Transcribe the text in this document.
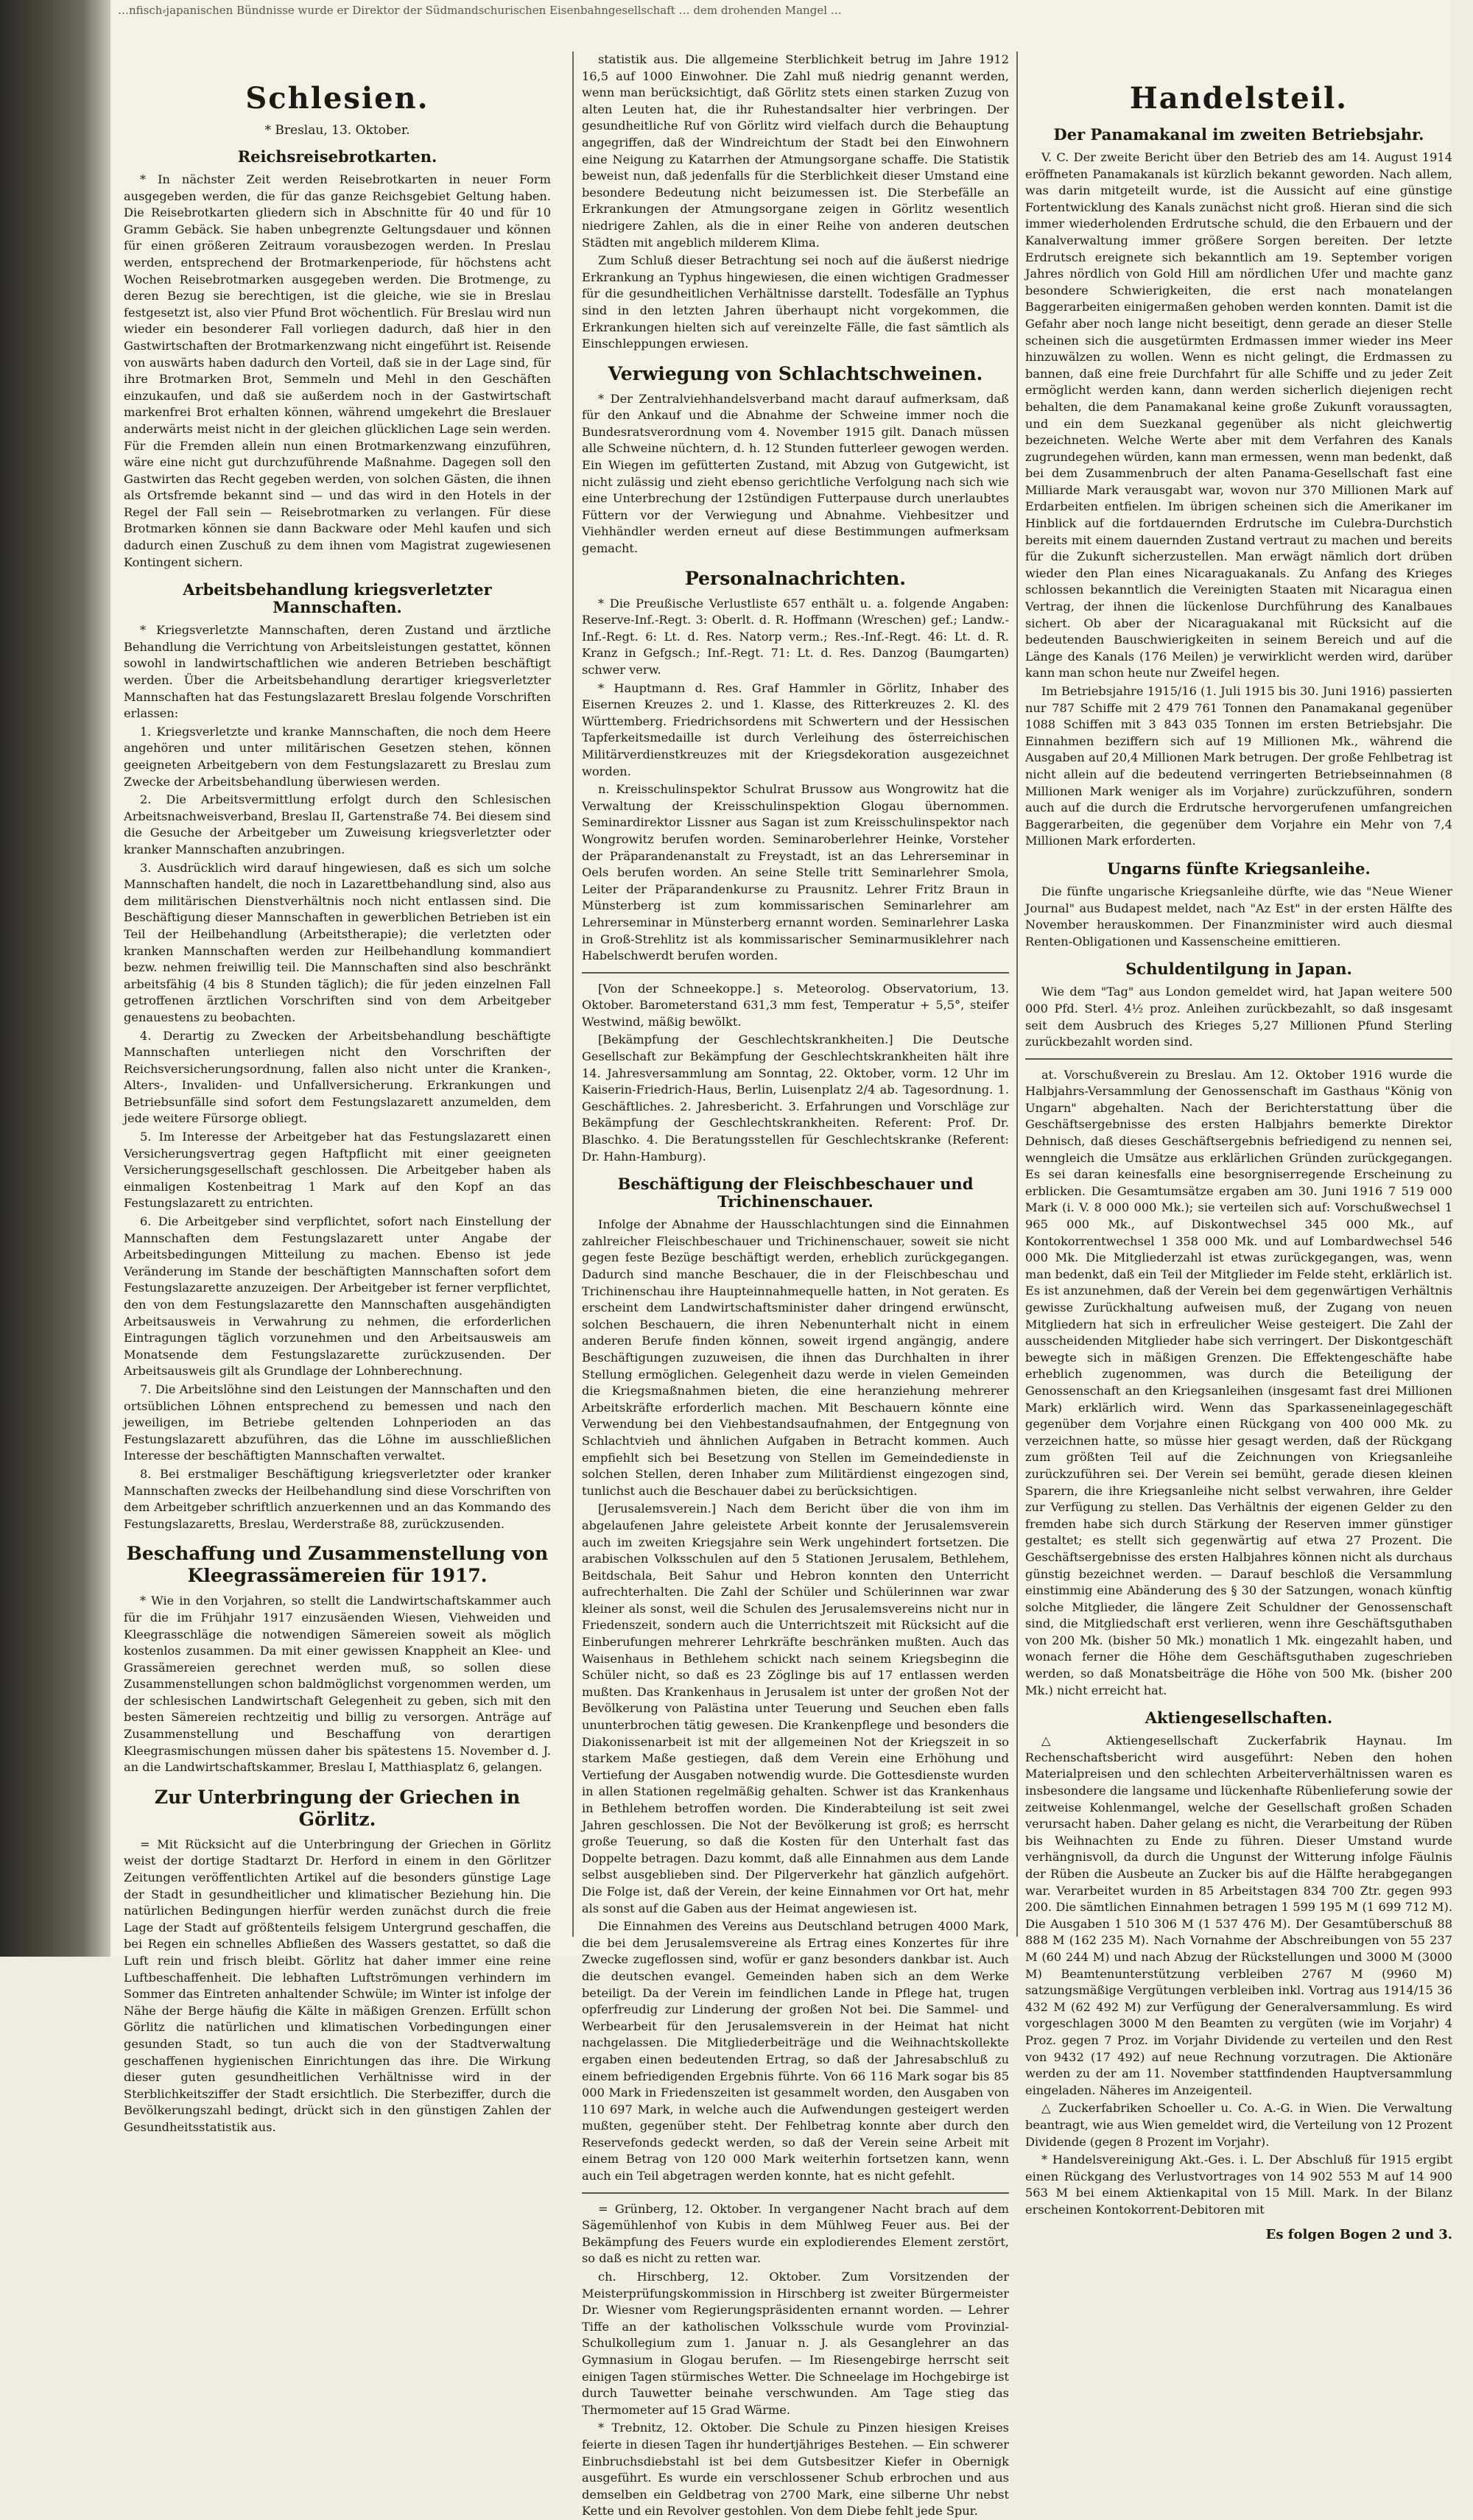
…nfisch⸗japanischen Bündnisse wurde er Direktor der Südmandschurischen Eisenbahngesellschaft … dem drohenden Mangel …
Schlesien.
* Breslau, 13. Oktober.
Reichsreisebrotkarten.

* In nächster Zeit werden Reisebrotkarten in neuer Form ausgegeben werden, die für das ganze Reichsgebiet Geltung haben. Die Reisebrotkarten gliedern sich in Abschnitte für 40 und für 10 Gramm Gebäck. Sie haben unbegrenzte Geltungsdauer und können für einen größeren Zeitraum vorausbezogen werden. In Preslau werden, entsprechend der Brotmarkenperiode, für höchstens acht Wochen Reisebrotmarken ausgegeben werden. Die Brotmenge, zu deren Bezug sie berechtigen, ist die gleiche, wie sie in Breslau festgesetzt ist, also vier Pfund Brot wöchentlich. Für Breslau wird nun wieder ein besonderer Fall vorliegen dadurch, daß hier in den Gastwirtschaften der Brotmarkenzwang nicht eingeführt ist. Reisende von auswärts haben dadurch den Vorteil, daß sie in der Lage sind, für ihre Brotmarken Brot, Semmeln und Mehl in den Geschäften einzukaufen, und daß sie außerdem noch in der Gastwirtschaft markenfrei Brot erhalten können, während umgekehrt die Breslauer anderwärts meist nicht in der gleichen glücklichen Lage sein werden. Für die Fremden allein nun einen Brotmarkenzwang einzuführen, wäre eine nicht gut durchzuführende Maßnahme. Dagegen soll den Gastwirten das Recht gegeben werden, von solchen Gästen, die ihnen als Ortsfremde bekannt sind — und das wird in den Hotels in der Regel der Fall sein — Reisebrotmarken zu verlangen. Für diese Brotmarken können sie dann Backware oder Mehl kaufen und sich dadurch einen Zuschuß zu dem ihnen vom Magistrat zugewiesenen Kontingent sichern.

Arbeitsbehandlung kriegsverletzter Mannschaften.

* Kriegsverletzte Mannschaften, deren Zustand und ärztliche Behandlung die Verrichtung von Arbeitsleistungen gestattet, können sowohl in landwirtschaftlichen wie anderen Betrieben beschäftigt werden. Über die Arbeitsbehandlung derartiger kriegsverletzter Mannschaften hat das Festungslazarett Breslau folgende Vorschriften erlassen:

1. Kriegsverletzte und kranke Mannschaften, die noch dem Heere angehören und unter militärischen Gesetzen stehen, können geeigneten Arbeitgebern von dem Festungslazarett zu Breslau zum Zwecke der Arbeitsbehandlung überwiesen werden.

2. Die Arbeitsvermittlung erfolgt durch den Schlesischen Arbeitsnachweisverband, Breslau II, Gartenstraße 74. Bei diesem sind die Gesuche der Arbeitgeber um Zuweisung kriegsverletzter oder kranker Mannschaften anzubringen.

3. Ausdrücklich wird darauf hingewiesen, daß es sich um solche Mannschaften handelt, die noch in Lazarettbehandlung sind, also aus dem militärischen Dienstverhältnis noch nicht entlassen sind. Die Beschäftigung dieser Mannschaften in gewerblichen Betrieben ist ein Teil der Heilbehandlung (Arbeitstherapie); die verletzten oder kranken Mannschaften werden zur Heilbehandlung kommandiert bezw. nehmen freiwillig teil. Die Mannschaften sind also beschränkt arbeitsfähig (4 bis 8 Stunden täglich); die für jeden einzelnen Fall getroffenen ärztlichen Vorschriften sind von dem Arbeitgeber genauestens zu beobachten.

4. Derartig zu Zwecken der Arbeitsbehandlung beschäftigte Mannschaften unterliegen nicht den Vorschriften der Reichsversicherungsordnung, fallen also nicht unter die Kranken-, Alters-, Invaliden- und Unfallversicherung. Erkrankungen und Betriebsunfälle sind sofort dem Festungslazarett anzumelden, dem jede weitere Fürsorge obliegt.

5. Im Interesse der Arbeitgeber hat das Festungslazarett einen Versicherungsvertrag gegen Haftpflicht mit einer geeigneten Versicherungsgesellschaft geschlossen. Die Arbeitgeber haben als einmaligen Kostenbeitrag 1 Mark auf den Kopf an das Festungslazarett zu entrichten.

6. Die Arbeitgeber sind verpflichtet, sofort nach Einstellung der Mannschaften dem Festungslazarett unter Angabe der Arbeitsbedingungen Mitteilung zu machen. Ebenso ist jede Veränderung im Stande der beschäftigten Mannschaften sofort dem Festungslazarette anzuzeigen. Der Arbeitgeber ist ferner verpflichtet, den von dem Festungslazarette den Mannschaften ausgehändigten Arbeitsausweis in Verwahrung zu nehmen, die erforderlichen Eintragungen täglich vorzunehmen und den Arbeitsausweis am Monatsende dem Festungslazarette zurückzusenden. Der Arbeitsausweis gilt als Grundlage der Lohnberechnung.

7. Die Arbeitslöhne sind den Leistungen der Mannschaften und den ortsüblichen Löhnen entsprechend zu bemessen und nach den jeweiligen, im Betriebe geltenden Lohnperioden an das Festungslazarett abzuführen, das die Löhne im ausschließlichen Interesse der beschäftigten Mannschaften verwaltet.

8. Bei erstmaliger Beschäftigung kriegsverletzter oder kranker Mannschaften zwecks der Heilbehandlung sind diese Vorschriften von dem Arbeitgeber schriftlich anzuerkennen und an das Kommando des Festungslazaretts, Breslau, Werderstraße 88, zurückzusenden.

Beschaffung und Zusammenstellung von Kleegrassämereien für 1917.

* Wie in den Vorjahren, so stellt die Landwirtschaftskammer auch für die im Frühjahr 1917 einzusäenden Wiesen, Viehweiden und Kleegrasschläge die notwendigen Sämereien soweit als möglich kostenlos zusammen. Da mit einer gewissen Knappheit an Klee- und Grassämereien gerechnet werden muß, so sollen diese Zusammenstellungen schon baldmöglichst vorgenommen werden, um der schlesischen Landwirtschaft Gelegenheit zu geben, sich mit den besten Sämereien rechtzeitig und billig zu versorgen. Anträge auf Zusammenstellung und Beschaffung von derartigen Kleegrasmischungen müssen daher bis spätestens 15. November d. J. an die Landwirtschaftskammer, Breslau I, Matthiasplatz 6, gelangen.

Zur Unterbringung der Griechen in Görlitz.

= Mit Rücksicht auf die Unterbringung der Griechen in Görlitz weist der dortige Stadtarzt Dr. Herford in einem in den Görlitzer Zeitungen veröffentlichten Artikel auf die besonders günstige Lage der Stadt in gesundheitlicher und klimatischer Beziehung hin. Die natürlichen Bedingungen hierfür werden zunächst durch die freie Lage der Stadt auf größtenteils felsigem Untergrund geschaffen, die bei Regen ein schnelles Abfließen des Wassers gestattet, so daß die Luft rein und frisch bleibt. Görlitz hat daher immer eine reine Luftbeschaffenheit. Die lebhaften Luftströmungen verhindern im Sommer das Eintreten anhaltender Schwüle; im Winter ist infolge der Nähe der Berge häufig die Kälte in mäßigen Grenzen. Erfüllt schon Görlitz die natürlichen und klimatischen Vorbedingungen einer gesunden Stadt, so tun auch die von der Stadtverwaltung geschaffenen hygienischen Einrichtungen das ihre. Die Wirkung dieser guten gesundheitlichen Verhältnisse wird in der Sterblichkeitsziffer der Stadt ersichtlich. Die Sterbeziffer, durch die Bevölkerungszahl bedingt, drückt sich in den günstigen Zahlen der Gesundheitsstatistik aus.

statistik aus. Die allgemeine Sterblichkeit betrug im Jahre 1912 16,5 auf 1000 Einwohner. Die Zahl muß niedrig genannt werden, wenn man berücksichtigt, daß Görlitz stets einen starken Zuzug von alten Leuten hat, die ihr Ruhestandsalter hier verbringen. Der gesundheitliche Ruf von Görlitz wird vielfach durch die Behauptung angegriffen, daß der Windreichtum der Stadt bei den Einwohnern eine Neigung zu Katarrhen der Atmungsorgane schaffe. Die Statistik beweist nun, daß jedenfalls für die Sterblichkeit dieser Umstand eine besondere Bedeutung nicht beizumessen ist. Die Sterbefälle an Erkrankungen der Atmungsorgane zeigen in Görlitz wesentlich niedrigere Zahlen, als die in einer Reihe von anderen deutschen Städten mit angeblich milderem Klima.

Zum Schluß dieser Betrachtung sei noch auf die äußerst niedrige Erkrankung an Typhus hingewiesen, die einen wichtigen Gradmesser für die gesundheitlichen Verhältnisse darstellt. Todesfälle an Typhus sind in den letzten Jahren überhaupt nicht vorgekommen, die Erkrankungen hielten sich auf vereinzelte Fälle, die fast sämtlich als Einschleppungen erwiesen.

Verwiegung von Schlachtschweinen.

* Der Zentralviehhandelsverband macht darauf aufmerksam, daß für den Ankauf und die Abnahme der Schweine immer noch die Bundesratsverordnung vom 4. November 1915 gilt. Danach müssen alle Schweine nüchtern, d. h. 12 Stunden futterleer gewogen werden. Ein Wiegen im gefütterten Zustand, mit Abzug von Gutgewicht, ist nicht zulässig und zieht ebenso gerichtliche Verfolgung nach sich wie eine Unterbrechung der 12stündigen Futterpause durch unerlaubtes Füttern vor der Verwiegung und Abnahme. Viehbesitzer und Viehhändler werden erneut auf diese Bestimmungen aufmerksam gemacht.

Personalnachrichten.

* Die Preußische Verlustliste 657 enthält u. a. folgende Angaben: Reserve-Inf.-Regt. 3: Oberlt. d. R. Hoffmann (Wreschen) gef.; Landw.-Inf.-Regt. 6: Lt. d. Res. Natorp verm.; Res.-Inf.-Regt. 46: Lt. d. R. Kranz in Gefgsch.; Inf.-Regt. 71: Lt. d. Res. Danzog (Baumgarten) schwer verw.

* Hauptmann d. Res. Graf Hammler in Görlitz, Inhaber des Eisernen Kreuzes 2. und 1. Klasse, des Ritterkreuzes 2. Kl. des Württemberg. Friedrichsordens mit Schwertern und der Hessischen Tapferkeitsmedaille ist durch Verleihung des österreichischen Militärverdienstkreuzes mit der Kriegsdekoration ausgezeichnet worden.

n. Kreisschulinspektor Schulrat Brussow aus Wongrowitz hat die Verwaltung der Kreisschulinspektion Glogau übernommen. Seminardirektor Lissner aus Sagan ist zum Kreisschulinspektor nach Wongrowitz berufen worden. Seminaroberlehrer Heinke, Vorsteher der Präparandenanstalt zu Freystadt, ist an das Lehrerseminar in Oels berufen worden. An seine Stelle tritt Seminarlehrer Smola, Leiter der Präparandenkurse zu Prausnitz. Lehrer Fritz Braun in Münsterberg ist zum kommissarischen Seminarlehrer am Lehrerseminar in Münsterberg ernannt worden. Seminarlehrer Laska in Groß-Strehlitz ist als kommissarischer Seminarmusiklehrer nach Habelschwerdt berufen worden.

[Von der Schneekoppe.] s. Meteorolog. Observatorium, 13. Oktober. Barometerstand 631,3 mm fest, Temperatur + 5,5°, steifer Westwind, mäßig bewölkt.

[Bekämpfung der Geschlechtskrankheiten.] Die Deutsche Gesellschaft zur Bekämpfung der Geschlechtskrankheiten hält ihre 14. Jahresversammlung am Sonntag, 22. Oktober, vorm. 12 Uhr im Kaiserin-Friedrich-Haus, Berlin, Luisenplatz 2/4 ab. Tagesordnung. 1. Geschäftliches. 2. Jahresbericht. 3. Erfahrungen und Vorschläge zur Bekämpfung der Geschlechtskrankheiten. Referent: Prof. Dr. Blaschko. 4. Die Beratungsstellen für Geschlechtskranke (Referent: Dr. Hahn-Hamburg).

Beschäftigung der Fleischbeschauer und Trichinenschauer.

Infolge der Abnahme der Hausschlachtungen sind die Einnahmen zahlreicher Fleischbeschauer und Trichinenschauer, soweit sie nicht gegen feste Bezüge beschäftigt werden, erheblich zurückgegangen. Dadurch sind manche Beschauer, die in der Fleischbeschau und Trichinenschau ihre Haupteinnahmequelle hatten, in Not geraten. Es erscheint dem Landwirtschaftsminister daher dringend erwünscht, solchen Beschauern, die ihren Nebenunterhalt nicht in einem anderen Berufe finden können, soweit irgend angängig, andere Beschäftigungen zuzuweisen, die ihnen das Durchhalten in ihrer Stellung ermöglichen. Gelegenheit dazu werde in vielen Gemeinden die Kriegsmaßnahmen bieten, die eine heranziehung mehrerer Arbeitskräfte erforderlich machen. Mit Beschauern könnte eine Verwendung bei den Viehbestandsaufnahmen, der Entgegnung von Schlachtvieh und ähnlichen Aufgaben in Betracht kommen. Auch empfiehlt sich bei Besetzung von Stellen im Gemeindedienste in solchen Stellen, deren Inhaber zum Militärdienst eingezogen sind, tunlichst auch die Beschauer dabei zu berücksichtigen.

[Jerusalemsverein.] Nach dem Bericht über die von ihm im abgelaufenen Jahre geleistete Arbeit konnte der Jerusalemsverein auch im zweiten Kriegsjahre sein Werk ungehindert fortsetzen. Die arabischen Volksschulen auf den 5 Stationen Jerusalem, Bethlehem, Beitdschala, Beit Sahur und Hebron konnten den Unterricht aufrechterhalten. Die Zahl der Schüler und Schülerinnen war zwar kleiner als sonst, weil die Schulen des Jerusalemsvereins nicht nur in Friedenszeit, sondern auch die Unterrichtszeit mit Rücksicht auf die Einberufungen mehrerer Lehrkräfte beschränken mußten. Auch das Waisenhaus in Bethlehem schickt nach seinem Kriegsbeginn die Schüler nicht, so daß es 23 Zöglinge bis auf 17 entlassen werden mußten. Das Krankenhaus in Jerusalem ist unter der großen Not der Bevölkerung von Palästina unter Teuerung und Seuchen eben falls ununterbrochen tätig gewesen. Die Krankenpflege und besonders die Diakonissenarbeit ist mit der allgemeinen Not der Kriegszeit in so starkem Maße gestiegen, daß dem Verein eine Erhöhung und Vertiefung der Ausgaben notwendig wurde. Die Gottesdienste wurden in allen Stationen regelmäßig gehalten. Schwer ist das Krankenhaus in Bethlehem betroffen worden. Die Kinderabteilung ist seit zwei Jahren geschlossen. Die Not der Bevölkerung ist groß; es herrscht große Teuerung, so daß die Kosten für den Unterhalt fast das Doppelte betragen. Dazu kommt, daß alle Einnahmen aus dem Lande selbst ausgeblieben sind. Der Pilgerverkehr hat gänzlich aufgehört. Die Folge ist, daß der Verein, der keine Einnahmen vor Ort hat, mehr als sonst auf die Gaben aus der Heimat angewiesen ist.

Die Einnahmen des Vereins aus Deutschland betrugen 4000 Mark, die bei dem Jerusalemsvereine als Ertrag eines Konzertes für ihre Zwecke zugeflossen sind, wofür er ganz besonders dankbar ist. Auch die deutschen evangel. Gemeinden haben sich an dem Werke beteiligt. Da der Verein im feindlichen Lande in Pflege hat, trugen opferfreudig zur Linderung der großen Not bei. Die Sammel- und Werbearbeit für den Jerusalemsverein in der Heimat hat nicht nachgelassen. Die Mitgliederbeiträge und die Weihnachtskollekte ergaben einen bedeutenden Ertrag, so daß der Jahresabschluß zu einem befriedigenden Ergebnis führte. Von 66 116 Mark sogar bis 85 000 Mark in Friedenszeiten ist gesammelt worden, den Ausgaben von 110 697 Mark, in welche auch die Aufwendungen gesteigert werden mußten, gegenüber steht. Der Fehlbetrag konnte aber durch den Reservefonds gedeckt werden, so daß der Verein seine Arbeit mit einem Betrag von 120 000 Mark weiterhin fortsetzen kann, wenn auch ein Teil abgetragen werden konnte, hat es nicht gefehlt.

= Grünberg, 12. Oktober. In vergangener Nacht brach auf dem Sägemühlenhof von Kubis in dem Mühlweg Feuer aus. Bei der Bekämpfung des Feuers wurde ein explodierendes Element zerstört, so daß es nicht zu retten war.

ch. Hirschberg, 12. Oktober. Zum Vorsitzenden der Meisterprüfungskommission in Hirschberg ist zweiter Bürgermeister Dr. Wiesner vom Regierungspräsidenten ernannt worden. — Lehrer Tiffe an der katholischen Volksschule wurde vom Provinzial-Schulkollegium zum 1. Januar n. J. als Gesanglehrer an das Gymnasium in Glogau berufen. — Im Riesengebirge herrscht seit einigen Tagen stürmisches Wetter. Die Schneelage im Hochgebirge ist durch Tauwetter beinahe verschwunden. Am Tage stieg das Thermometer auf 15 Grad Wärme.

* Trebnitz, 12. Oktober. Die Schule zu Pinzen hiesigen Kreises feierte in diesen Tagen ihr hundertjähriges Bestehen. — Ein schwerer Einbruchsdiebstahl ist bei dem Gutsbesitzer Kiefer in Obernigk ausgeführt. Es wurde ein verschlossener Schub erbrochen und aus demselben ein Geldbetrag von 2700 Mark, eine silberne Uhr nebst Kette und ein Revolver gestohlen. Von dem Diebe fehlt jede Spur.

Handelsteil.
Der Panamakanal im zweiten Betriebsjahr.

V. C. Der zweite Bericht über den Betrieb des am 14. August 1914 eröffneten Panamakanals ist kürzlich bekannt geworden. Nach allem, was darin mitgeteilt wurde, ist die Aussicht auf eine günstige Fortentwicklung des Kanals zunächst nicht groß. Hieran sind die sich immer wiederholenden Erdrutsche schuld, die den Erbauern und der Kanalverwaltung immer größere Sorgen bereiten. Der letzte Erdrutsch ereignete sich bekanntlich am 19. September vorigen Jahres nördlich von Gold Hill am nördlichen Ufer und machte ganz besondere Schwierigkeiten, die erst nach monatelangen Baggerarbeiten einigermaßen gehoben werden konnten. Damit ist die Gefahr aber noch lange nicht beseitigt, denn gerade an dieser Stelle scheinen sich die ausgetürmten Erdmassen immer wieder ins Meer hinzuwälzen zu wollen. Wenn es nicht gelingt, die Erdmassen zu bannen, daß eine freie Durchfahrt für alle Schiffe und zu jeder Zeit ermöglicht werden kann, dann werden sicherlich diejenigen recht behalten, die dem Panamakanal keine große Zukunft voraussagten, und ein dem Suezkanal gegenüber als nicht gleichwertig bezeichneten. Welche Werte aber mit dem Verfahren des Kanals zugrundegehen würden, kann man ermessen, wenn man bedenkt, daß bei dem Zusammenbruch der alten Panama-Gesellschaft fast eine Milliarde Mark verausgabt war, wovon nur 370 Millionen Mark auf Erdarbeiten entfielen. Im übrigen scheinen sich die Amerikaner im Hinblick auf die fortdauernden Erdrutsche im Culebra-Durchstich bereits mit einem dauernden Zustand vertraut zu machen und bereits für die Zukunft sicherzustellen. Man erwägt nämlich dort drüben wieder den Plan eines Nicaraguakanals. Zu Anfang des Krieges schlossen bekanntlich die Vereinigten Staaten mit Nicaragua einen Vertrag, der ihnen die lückenlose Durchführung des Kanalbaues sichert. Ob aber der Nicaraguakanal mit Rücksicht auf die bedeutenden Bauschwierigkeiten in seinem Bereich und auf die Länge des Kanals (176 Meilen) je verwirklicht werden wird, darüber kann man schon heute nur Zweifel hegen.

Im Betriebsjahre 1915/16 (1. Juli 1915 bis 30. Juni 1916) passierten nur 787 Schiffe mit 2 479 761 Tonnen den Panamakanal gegenüber 1088 Schiffen mit 3 843 035 Tonnen im ersten Betriebsjahr. Die Einnahmen beziffern sich auf 19 Millionen Mk., während die Ausgaben auf 20,4 Millionen Mark betrugen. Der große Fehlbetrag ist nicht allein auf die bedeutend verringerten Betriebseinnahmen (8 Millionen Mark weniger als im Vorjahre) zurückzuführen, sondern auch auf die durch die Erdrutsche hervorgerufenen umfangreichen Baggerarbeiten, die gegenüber dem Vorjahre ein Mehr von 7,4 Millionen Mark erforderten.

Ungarns fünfte Kriegsanleihe.

Die fünfte ungarische Kriegsanleihe dürfte, wie das "Neue Wiener Journal" aus Budapest meldet, nach "Az Est" in der ersten Hälfte des November herauskommen. Der Finanzminister wird auch diesmal Renten-Obligationen und Kassenscheine emittieren.

Schuldentilgung in Japan.

Wie dem "Tag" aus London gemeldet wird, hat Japan weitere 500 000 Pfd. Sterl. 4½ proz. Anleihen zurückbezahlt, so daß insgesamt seit dem Ausbruch des Krieges 5,27 Millionen Pfund Sterling zurückbezahlt worden sind.

at. Vorschußverein zu Breslau. Am 12. Oktober 1916 wurde die Halbjahrs-Versammlung der Genossenschaft im Gasthaus "König von Ungarn" abgehalten. Nach der Berichterstattung über die Geschäftsergebnisse des ersten Halbjahrs bemerkte Direktor Dehnisch, daß dieses Geschäftsergebnis befriedigend zu nennen sei, wenngleich die Umsätze aus erklärlichen Gründen zurückgegangen. Es sei daran keinesfalls eine besorgniserregende Erscheinung zu erblicken. Die Gesamtumsätze ergaben am 30. Juni 1916 7 519 000 Mark (i. V. 8 000 000 Mk.); sie verteilen sich auf: Vorschußwechsel 1 965 000 Mk., auf Diskontwechsel 345 000 Mk., auf Kontokorrentwechsel 1 358 000 Mk. und auf Lombardwechsel 546 000 Mk. Die Mitgliederzahl ist etwas zurückgegangen, was, wenn man bedenkt, daß ein Teil der Mitglieder im Felde steht, erklärlich ist. Es ist anzunehmen, daß der Verein bei dem gegenwärtigen Verhältnis gewisse Zurückhaltung aufweisen muß, der Zugang von neuen Mitgliedern hat sich in erfreulicher Weise gesteigert. Die Zahl der ausscheidenden Mitglieder habe sich verringert. Der Diskontgeschäft bewegte sich in mäßigen Grenzen. Die Effektengeschäfte habe erheblich zugenommen, was durch die Beteiligung der Genossenschaft an den Kriegsanleihen (insgesamt fast drei Millionen Mark) erklärlich wird. Wenn das Sparkasseneinlagegeschäft gegenüber dem Vorjahre einen Rückgang von 400 000 Mk. zu verzeichnen hatte, so müsse hier gesagt werden, daß der Rückgang zum größten Teil auf die Zeichnungen von Kriegsanleihe zurückzuführen sei. Der Verein sei bemüht, gerade diesen kleinen Sparern, die ihre Kriegsanleihe nicht selbst verwahren, ihre Gelder zur Verfügung zu stellen. Das Verhältnis der eigenen Gelder zu den fremden habe sich durch Stärkung der Reserven immer günstiger gestaltet; es stellt sich gegenwärtig auf etwa 27 Prozent. Die Geschäftsergebnisse des ersten Halbjahres können nicht als durchaus günstig bezeichnet werden. — Darauf beschloß die Versammlung einstimmig eine Abänderung des § 30 der Satzungen, wonach künftig solche Mitglieder, die längere Zeit Schuldner der Genossenschaft sind, die Mitgliedschaft erst verlieren, wenn ihre Geschäftsguthaben von 200 Mk. (bisher 50 Mk.) monatlich 1 Mk. eingezahlt haben, und wonach ferner die Höhe dem Geschäftsguthaben zugeschrieben werden, so daß Monatsbeiträge die Höhe von 500 Mk. (bisher 200 Mk.) nicht erreicht hat.

Aktiengesellschaften.

△ Aktiengesellschaft Zuckerfabrik Haynau. Im Rechenschaftsbericht wird ausgeführt: Neben den hohen Materialpreisen und den schlechten Arbeiterverhältnissen waren es insbesondere die langsame und lückenhafte Rübenlieferung sowie der zeitweise Kohlenmangel, welche der Gesellschaft großen Schaden verursacht haben. Daher gelang es nicht, die Verarbeitung der Rüben bis Weihnachten zu Ende zu führen. Dieser Umstand wurde verhängnisvoll, da durch die Ungunst der Witterung infolge Fäulnis der Rüben die Ausbeute an Zucker bis auf die Hälfte herabgegangen war. Verarbeitet wurden in 85 Arbeitstagen 834 700 Ztr. gegen 993 200. Die sämtlichen Einnahmen betragen 1 599 195 M (1 699 712 M). Die Ausgaben 1 510 306 M (1 537 476 M). Der Gesamtüberschuß 88 888 M (162 235 M). Nach Vornahme der Abschreibungen von 55 237 M (60 244 M) und nach Abzug der Rückstellungen und 3000 M (3000 M) Beamtenunterstützung verbleiben 2767 M (9960 M) satzungsmäßige Vergütungen verbleiben inkl. Vortrag aus 1914/15 36 432 M (62 492 M) zur Verfügung der Generalversammlung. Es wird vorgeschlagen 3000 M den Beamten zu vergüten (wie im Vorjahr) 4 Proz. gegen 7 Proz. im Vorjahr Dividende zu verteilen und den Rest von 9432 (17 492) auf neue Rechnung vorzutragen. Die Aktionäre werden zu der am 11. November stattfindenden Hauptversammlung eingeladen. Näheres im Anzeigenteil.

△ Zuckerfabriken Schoeller u. Co. A.-G. in Wien. Die Verwaltung beantragt, wie aus Wien gemeldet wird, die Verteilung von 12 Prozent Dividende (gegen 8 Prozent im Vorjahr).

* Handelsvereinigung Akt.-Ges. i. L. Der Abschluß für 1915 ergibt einen Rückgang des Verlustvortrages von 14 902 553 M auf 14 900 563 M bei einem Aktienkapital von 15 Mill. Mark. In der Bilanz erscheinen Kontokorrent-Debitoren mit

Es folgen Bogen 2 und 3.
